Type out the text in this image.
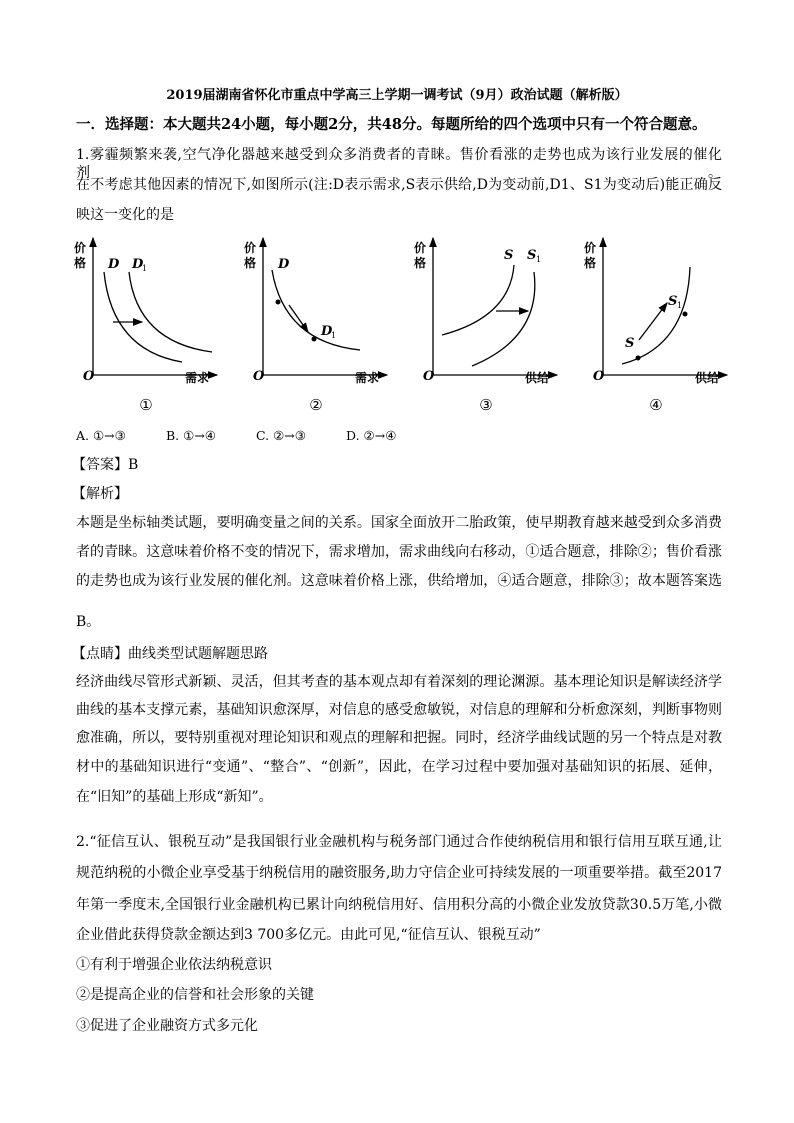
2019届湖南省怀化市重点中学高三上学期一调考试（9月）政治试题（解析版）
一．选择题：本大题共24小题，每小题2分，共48分。每题所给的四个选项中只有一个符合题意。
1.雾霾频繁来袭,空气净化器越来越受到众多消费者的青睐。售价看涨的走势也成为该行业发展的催化剂。
在不考虑其他因素的情况下,如图所示(注:D表示需求,S表示供给,D为变动前,D1、S1为变动后)能正确反
映这一变化的是
价
格 D D
1
O	需求
价
格 D
D
1
O	需求
价
格	S S 1
O	供给
价
格
S
S 1
O	供给
①	②	③	④
A. ①→③	B. ①→④	C. ②→③	D. ②→④
【答案】B
【解析】
本题是坐标轴类试题，要明确变量之间的关系。国家全面放开二胎政策，使早期教育越来越受到众多消费
者的青睐。这意味着价格不变的情况下，需求增加，需求曲线向右移动，①适合题意，排除②；售价看涨
的走势也成为该行业发展的催化剂。这意味着价格上涨，供给增加，④适合题意，排除③；故本题答案选
B。
【点睛】曲线类型试题解题思路
经济曲线尽管形式新颖、灵活，但其考查的基本观点却有着深刻的理论渊源。基本理论知识是解读经济学
曲线的基本支撑元素，基础知识愈深厚，对信息的感受愈敏锐，对信息的理解和分析愈深刻，判断事物则
愈准确，所以，要特别重视对理论知识和观点的理解和把握。同时，经济学曲线试题的另一个特点是对教
材中的基础知识进行“变通”、“整合”、“创新”，因此，在学习过程中要加强对基础知识的拓展、延伸，
在“旧知”的基础上形成“新知”。
2.“征信互认、银税互动”是我国银行业金融机构与税务部门通过合作使纳税信用和银行信用互联互通,让
规范纳税的小微企业享受基于纳税信用的融资服务,助力守信企业可持续发展的一项重要举措。截至2017
年第一季度末,全国银行业金融机构已累计向纳税信用好、信用积分高的小微企业发放贷款30.5万笔,小微
企业借此获得贷款金额达到3 700多亿元。由此可见,“征信互认、银税互动”
①有利于增强企业依法纳税意识
②是提高企业的信誉和社会形象的关键
③促进了企业融资方式多元化
